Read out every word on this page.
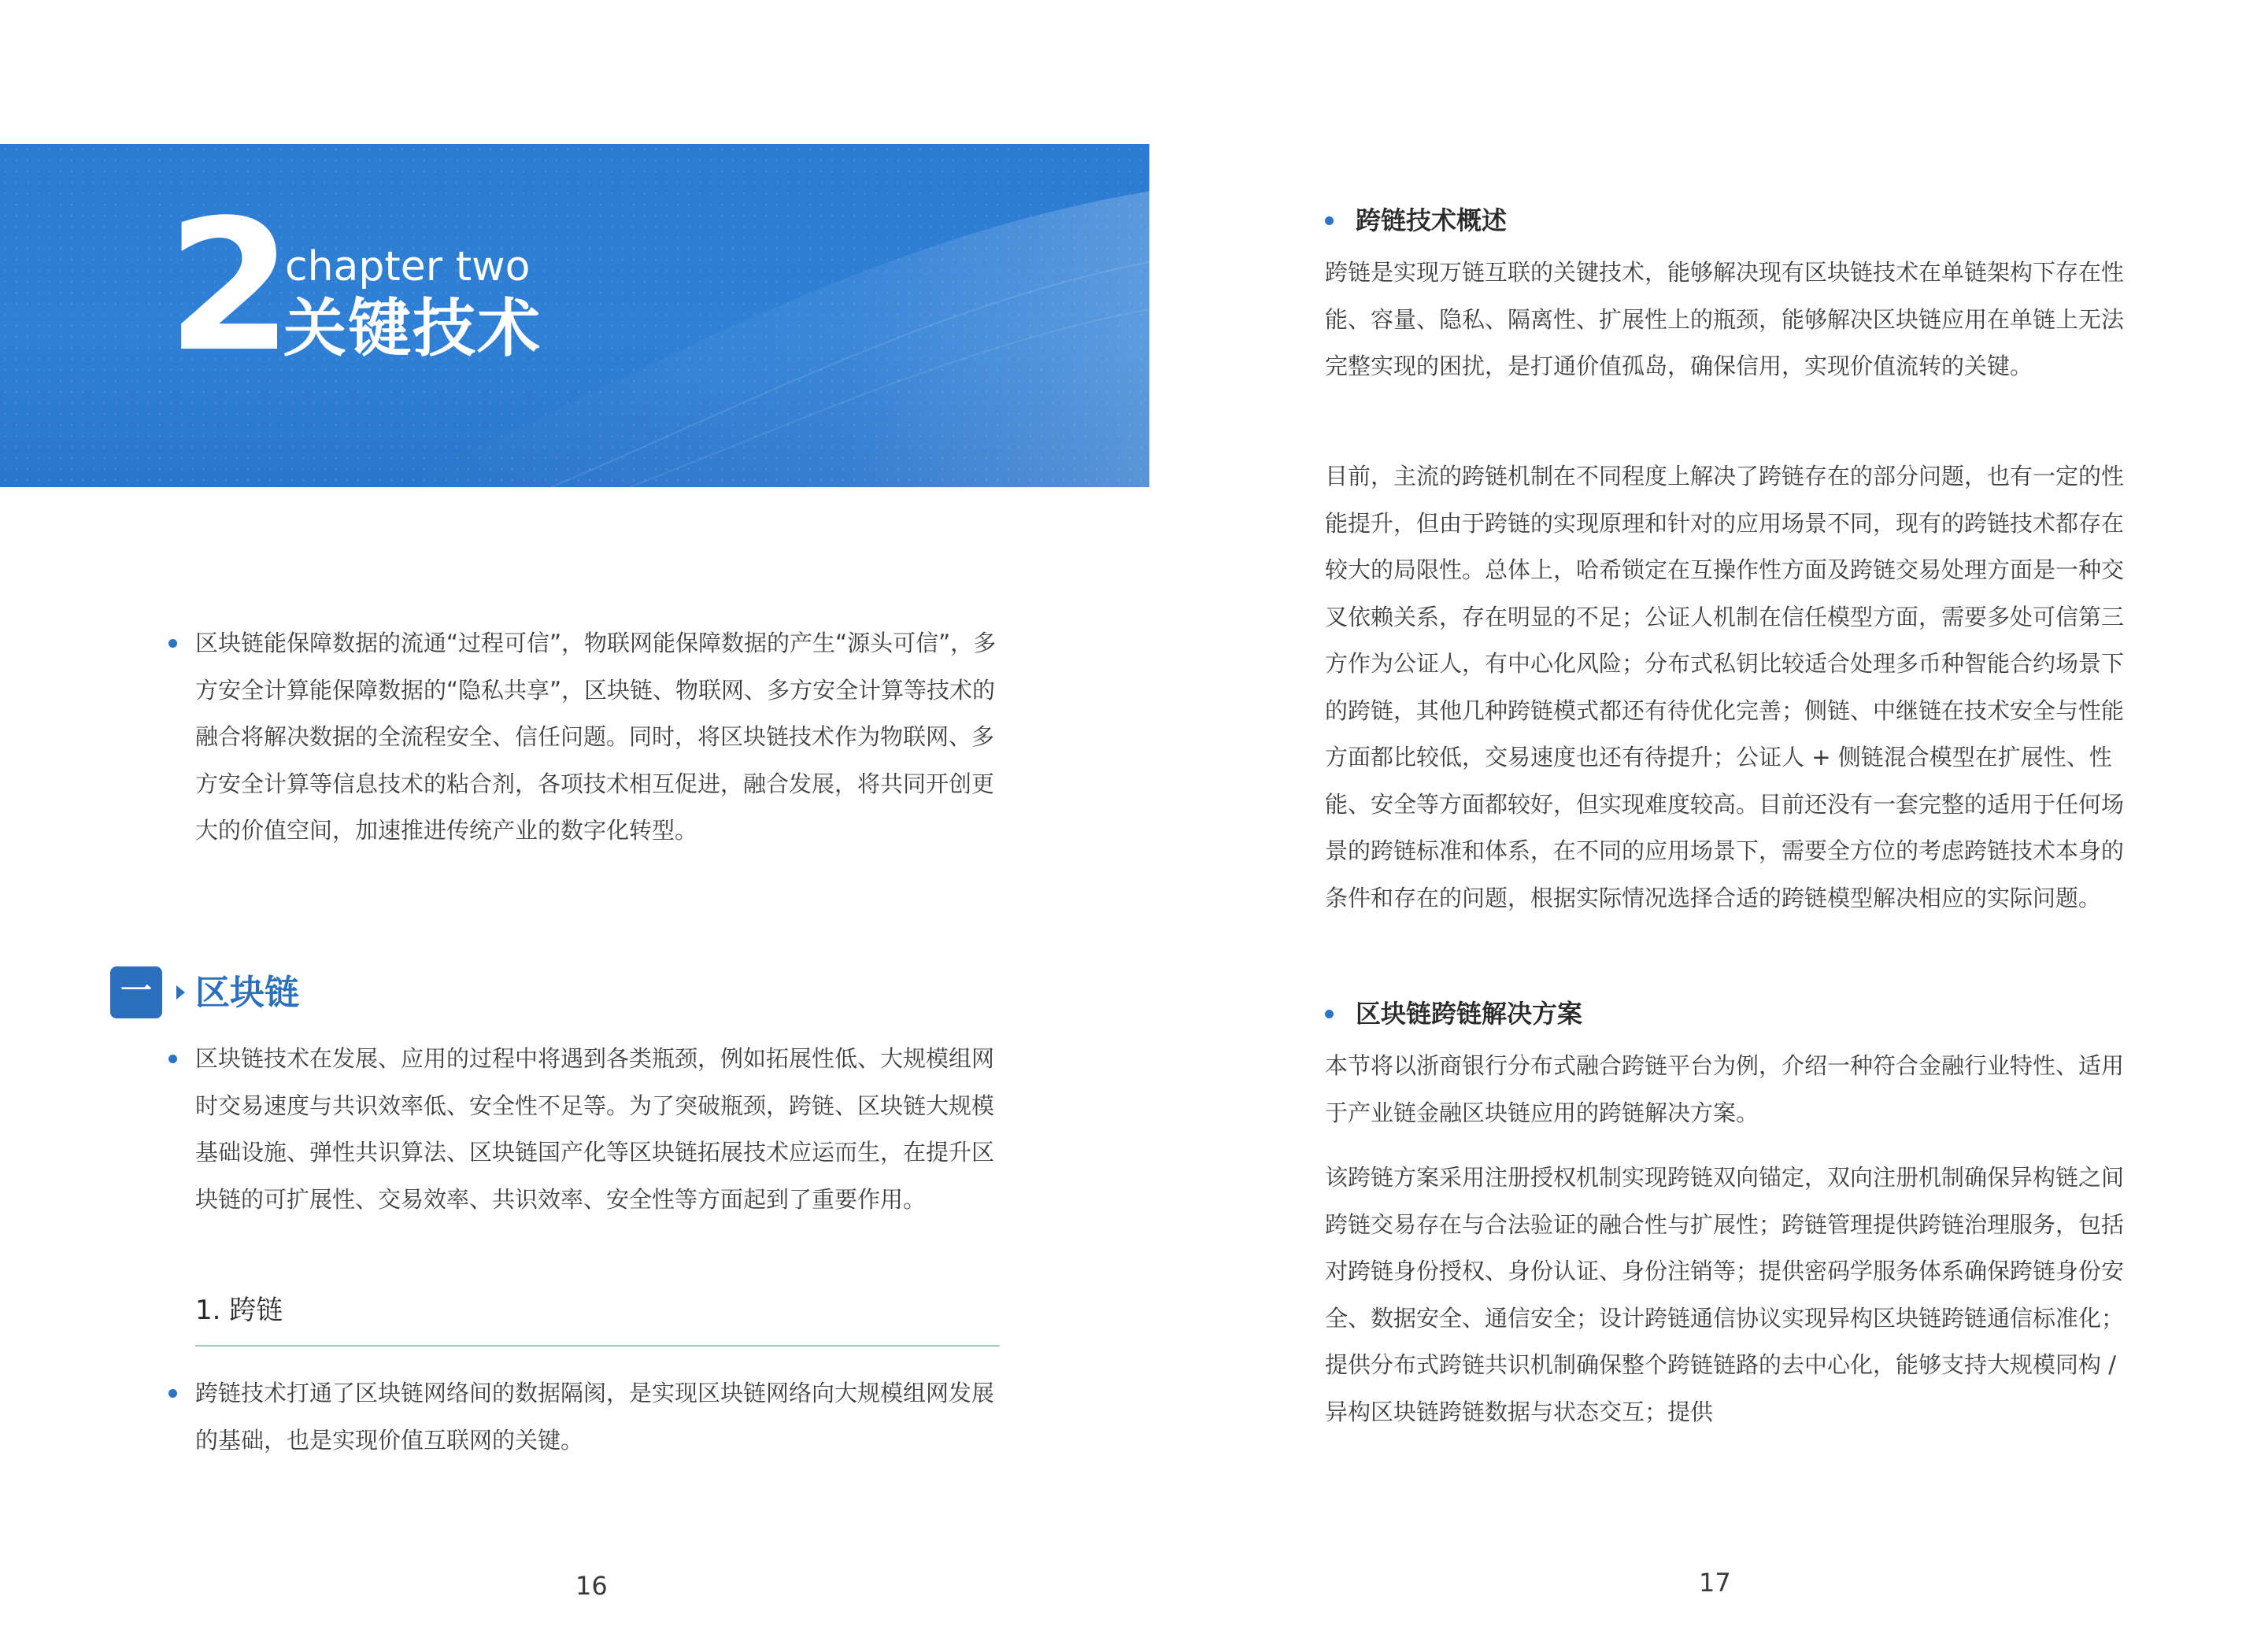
2
chapter two
关键技术

区块链能保障数据的流通“过程可信”，物联网能保障数据的产生“源头可信”，多方安全计算能保障数据的“隐私共享”，区块链、物联网、多方安全计算等技术的融合将解决数据的全流程安全、信任问题。同时，将区块链技术作为物联网、多方安全计算等信息技术的粘合剂，各项技术相互促进，融合发展，将共同开创更大的价值空间，加速推进传统产业的数字化转型。

一 区块链

区块链技术在发展、应用的过程中将遇到各类瓶颈，例如拓展性低、大规模组网时交易速度与共识效率低、安全性不足等。为了突破瓶颈，跨链、区块链大规模基础设施、弹性共识算法、区块链国产化等区块链拓展技术应运而生，在提升区块链的可扩展性、交易效率、共识效率、安全性等方面起到了重要作用。

1. 跨链

跨链技术打通了区块链网络间的数据隔阂，是实现区块链网络向大规模组网发展的基础，也是实现价值互联网的关键。

16
跨链技术概述

跨链是实现万链互联的关键技术，能够解决现有区块链技术在单链架构下存在性能、容量、隐私、隔离性、扩展性上的瓶颈，能够解决区块链应用在单链上无法完整实现的困扰，是打通价值孤岛，确保信用，实现价值流转的关键。

目前，主流的跨链机制在不同程度上解决了跨链存在的部分问题，也有一定的性能提升，但由于跨链的实现原理和针对的应用场景不同，现有的跨链技术都存在较大的局限性。总体上，哈希锁定在互操作性方面及跨链交易处理方面是一种交叉依赖关系，存在明显的不足；公证人机制在信任模型方面，需要多处可信第三方作为公证人，有中心化风险；分布式私钥比较适合处理多币种智能合约场景下的跨链，其他几种跨链模式都还有待优化完善；侧链、中继链在技术安全与性能方面都比较低，交易速度也还有待提升；公证人 + 侧链混合模型在扩展性、性能、安全等方面都较好，但实现难度较高。目前还没有一套完整的适用于任何场景的跨链标准和体系，在不同的应用场景下，需要全方位的考虑跨链技术本身的条件和存在的问题，根据实际情况选择合适的跨链模型解决相应的实际问题。

区块链跨链解决方案

本节将以浙商银行分布式融合跨链平台为例，介绍一种符合金融行业特性、适用于产业链金融区块链应用的跨链解决方案。

该跨链方案采用注册授权机制实现跨链双向锚定，双向注册机制确保异构链之间跨链交易存在与合法验证的融合性与扩展性；跨链管理提供跨链治理服务，包括对跨链身份授权、身份认证、身份注销等；提供密码学服务体系确保跨链身份安全、数据安全、通信安全；设计跨链通信协议实现异构区块链跨链通信标准化；提供分布式跨链共识机制确保整个跨链链路的去中心化，能够支持大规模同构 / 异构区块链跨链数据与状态交互；提供

17
